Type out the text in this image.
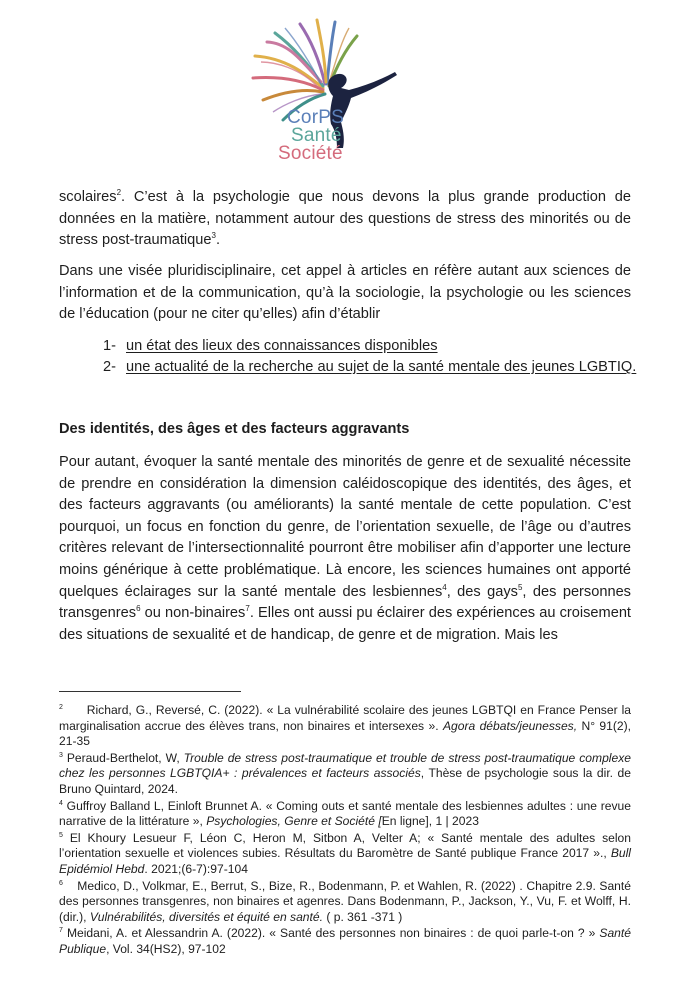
CorPS
Santé
Société

scolaires$^2$. C’est à la psychologie que nous devons la plus grande production de données en la matière, notamment autour des questions de stress des minorités ou de stress post-traumatique$^3$.

Dans une visée pluridisciplinaire, cet appel à articles en réfère autant aux sciences de l’information et de la communication, qu’à la sociologie, la psychologie ou les sciences de l’éducation (pour ne citer qu’elles) afin d’établir

1- un état des lieux des connaissances disponibles
2- une actualité de la recherche au sujet de la santé mentale des jeunes LGBTIQ.
Des identités, des âges et des facteurs aggravants

Pour autant, évoquer la santé mentale des minorités de genre et de sexualité nécessite de prendre en considération la dimension caléidoscopique des identités, des âges, et des facteurs aggravants (ou améliorants) la santé mentale de cette population. C’est pourquoi, un focus en fonction du genre, de l’orientation sexuelle, de l’âge ou d’autres critères relevant de l’intersectionnalité pourront être mobiliser afin d’apporter une lecture moins générique à cette problématique. Là encore, les sciences humaines ont apporté quelques éclairages sur la santé mentale des lesbiennes$^4$, des gays$^5$, des personnes transgenres$^6$ ou non-binaires$^7$. Elles ont aussi pu éclairer des expériences au croisement des situations de sexualité et de handicap, de genre et de migration. Mais les

$^2$ Richard, G., Reversé, C. (2022). « La vulnérabilité scolaire des jeunes LGBTQI en France Penser la marginalisation accrue des élèves trans, non binaires et intersexes ». Agora débats/jeunesses, N° 91(2), 21-35

$^3$ Peraud-Berthelot, W, Trouble de stress post-traumatique et trouble de stress post-traumatique complexe chez les personnes LGBTQIA+ : prévalences et facteurs associés, Thèse de psychologie sous la dir. de Bruno Quintard, 2024.

$^4$ Guffroy Balland L, Einloft Brunnet A. « Coming outs et santé mentale des lesbiennes adultes : une revue narrative de la littérature », Psychologies, Genre et Société [En ligne], 1 | 2023

$^5$ El Khoury Lesueur F, Léon C, Heron M, Sitbon A, Velter A; « Santé mentale des adultes selon l’orientation sexuelle et violences subies. Résultats du Baromètre de Santé publique France 2017 »., Bull Epidémiol Hebd. 2021;(6-7):97-104

$^6$ Medico, D., Volkmar, E., Berrut, S., Bize, R., Bodenmann, P. et Wahlen, R. (2022) . Chapitre 2.9. Santé des personnes transgenres, non binaires et agenres. Dans Bodenmann, P., Jackson, Y., Vu, F. et Wolff, H. (dir.), Vulnérabilités, diversités et équité en santé. ( p. 361 -371 )

$^7$ Meidani, A. et Alessandrin A. (2022). « Santé des personnes non binaires : de quoi parle-t-on ? » Santé Publique, Vol. 34(HS2), 97-102
